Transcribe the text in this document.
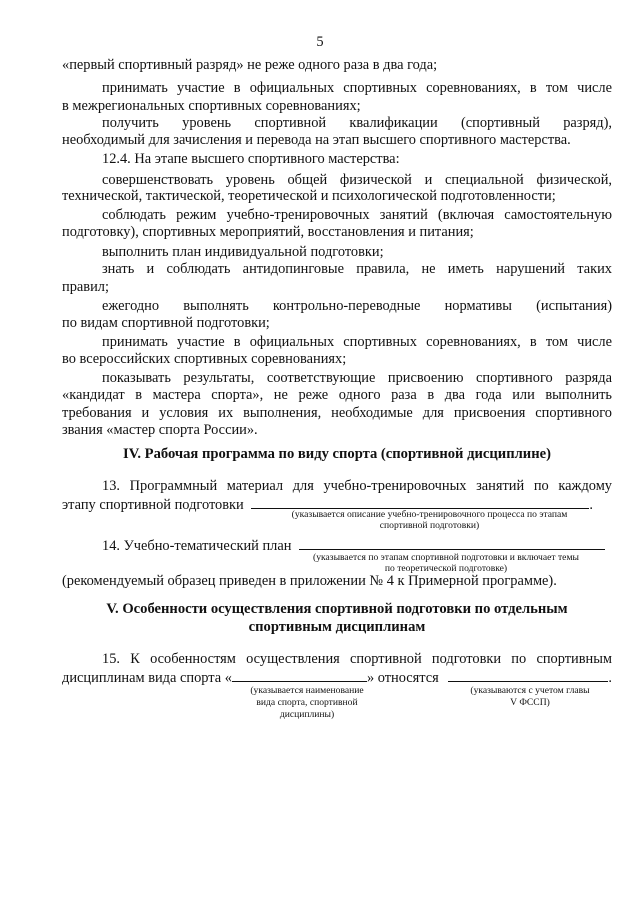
5
«первый спортивный разряд» не реже одного раза в два года;
принимать участие в официальных спортивных соревнованиях, в том числе
в межрегиональных спортивных соревнованиях;
получить уровень спортивной квалификации (спортивный разряд),
необходимый для зачисления и перевода на этап высшего спортивного мастерства.
12.4. На этапе высшего спортивного мастерства:
совершенствовать уровень общей физической и специальной физической,
технической, тактической, теоретической и психологической подготовленности;
соблюдать режим учебно-тренировочных занятий (включая самостоятельную
подготовку), спортивных мероприятий, восстановления и питания;
выполнить план индивидуальной подготовки;
знать и соблюдать антидопинговые правила, не иметь нарушений таких
правил;
ежегодно выполнять контрольно-переводные нормативы (испытания)
по видам спортивной подготовки;
принимать участие в официальных спортивных соревнованиях, в том числе
во всероссийских спортивных соревнованиях;
показывать результаты, соответствующие присвоению спортивного разряда
«кандидат в мастера спорта», не реже одного раза в два года или выполнить
требования и условия их выполнения, необходимые для присвоения спортивного
звания «мастер спорта России».
IV. Рабочая программа по виду спорта (спортивной дисциплине)
13. Программный материал для учебно-тренировочных занятий по каждому
этапу спортивной подготовки	.
(указывается описание учебно-тренировочного процесса по этапам
спортивной подготовки)
14. Учебно-тематический план
(указывается по этапам спортивной подготовки и включает темы
по теоретической подготовке)
(рекомендуемый образец приведен в приложении № 4 к Примерной программе).
V. Особенности осуществления спортивной подготовки по отдельным
спортивным дисциплинам
15. К особенностям осуществления спортивной подготовки по спортивным
дисциплинам вида спорта «	» относятся	.
(указывается наименование
вида спорта, спортивной
дисциплины)
(указываются с учетом главы
V ФССП)
